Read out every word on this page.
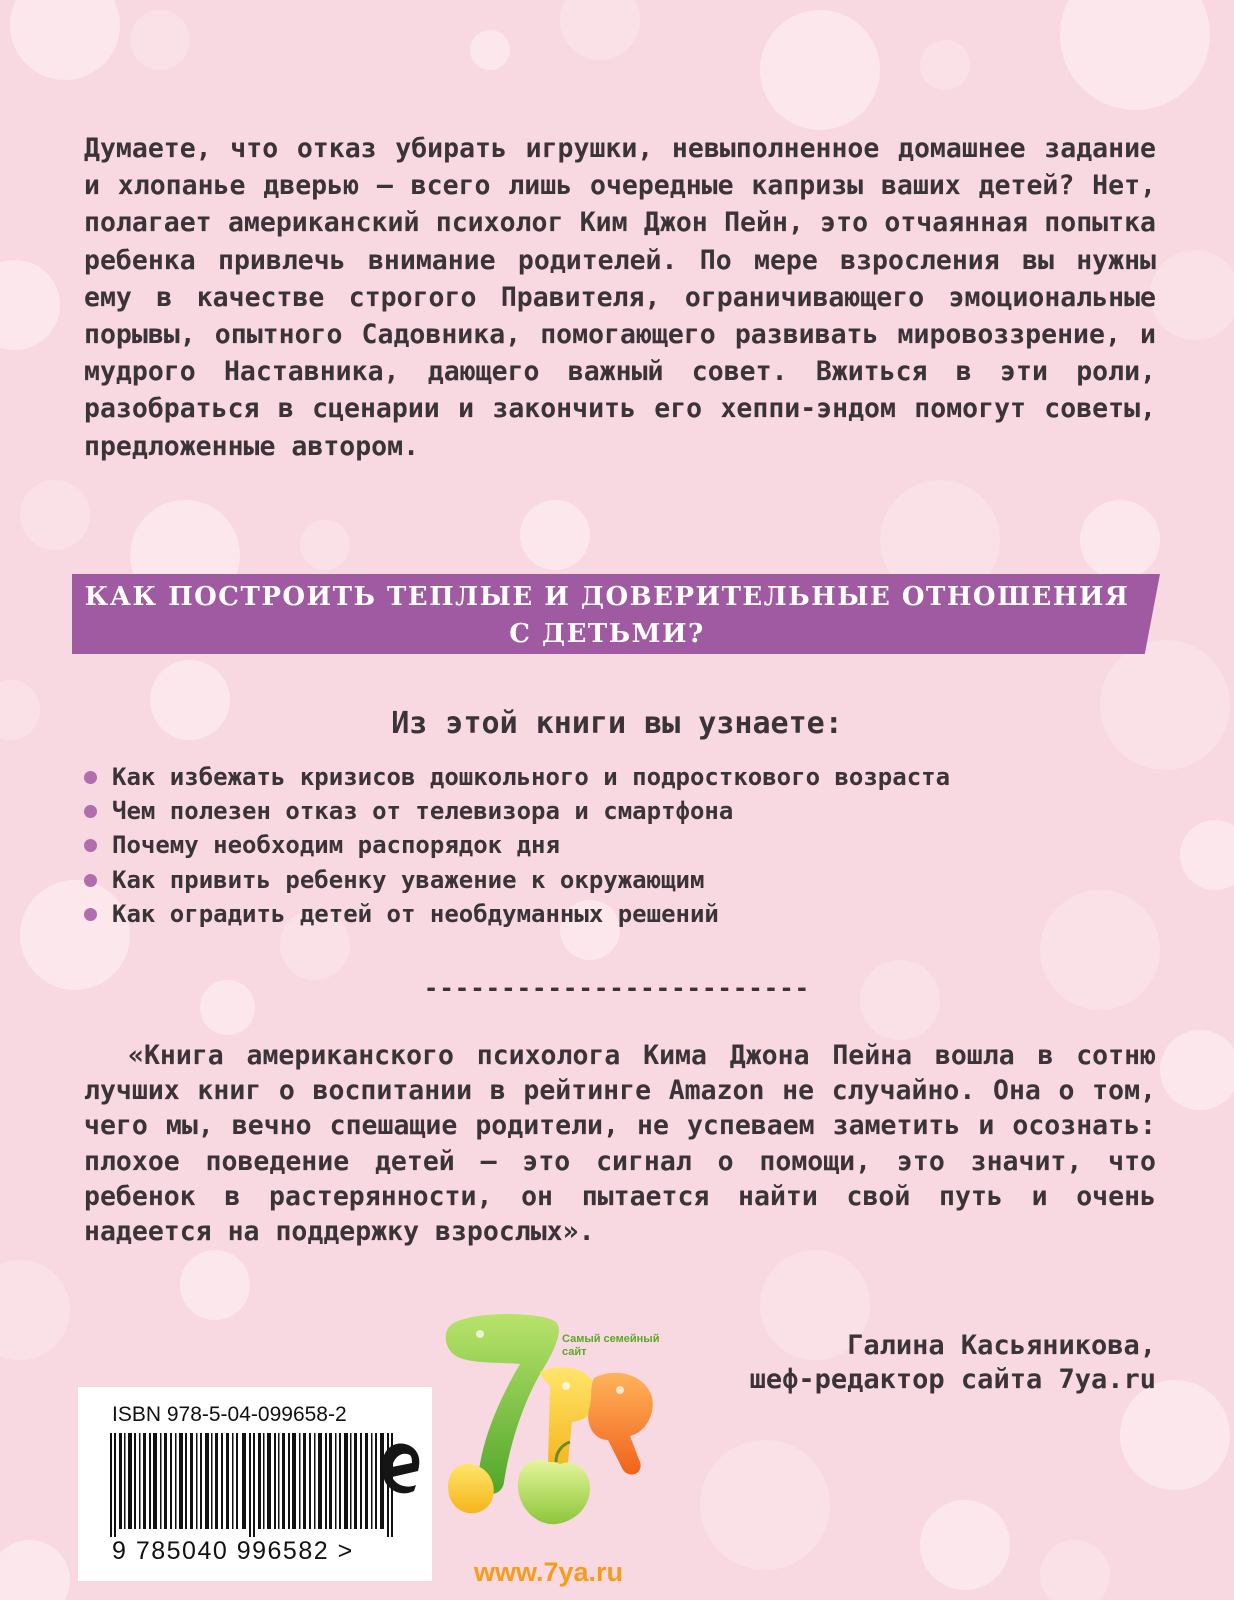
Думаете, что отказ убирать игрушки, невыполненное домашнее задание и хлопанье дверью – всего лишь очередные капризы ваших детей? Нет, полагает американский психолог Ким Джон Пейн, это отчаянная попытка ребенка привлечь внимание родителей. По мере взросления вы нужны ему в качестве строгого Правителя, ограничивающего эмоциональные порывы, опытного Садовника, помогающего развивать мировоззрение, и мудрого Наставника, дающего важный совет. Вжиться в эти роли, разобраться в сценарии и закончить его хеппи-эндом помогут советы, предложенные автором.

КАК ПОСТРОИТЬ ТЕПЛЫЕ И ДОВЕРИТЕЛЬНЫЕ ОТНОШЕНИЯ
С ДЕТЬМИ?

Из этой книги вы узнаете:
Как избежать кризисов дошкольного и подросткового возраста
Чем полезен отказ от телевизора и смартфона
Почему необходим распорядок дня
Как привить ребенку уважение к окружающим
Как оградить детей от необдуманных решений

-------------------------

«Книга американского психолога Кима Джона Пейна вошла в сотню лучших книг о воспитании в рейтинге Amazon не случайно. Она о том, чего мы, вечно спешащие родители, не успеваем заметить и осознать: плохое поведение детей – это сигнал о помощи, это значит, что ребенок в растерянности, он пытается найти свой путь и очень надеется на поддержку взрослых».

Галина Касьяникова,
шеф-редактор сайта 7ya.ru

ISBN 978-5-04-099658-2
9 785040 996582 >
Самый семейный сайт
www.7ya.ru
